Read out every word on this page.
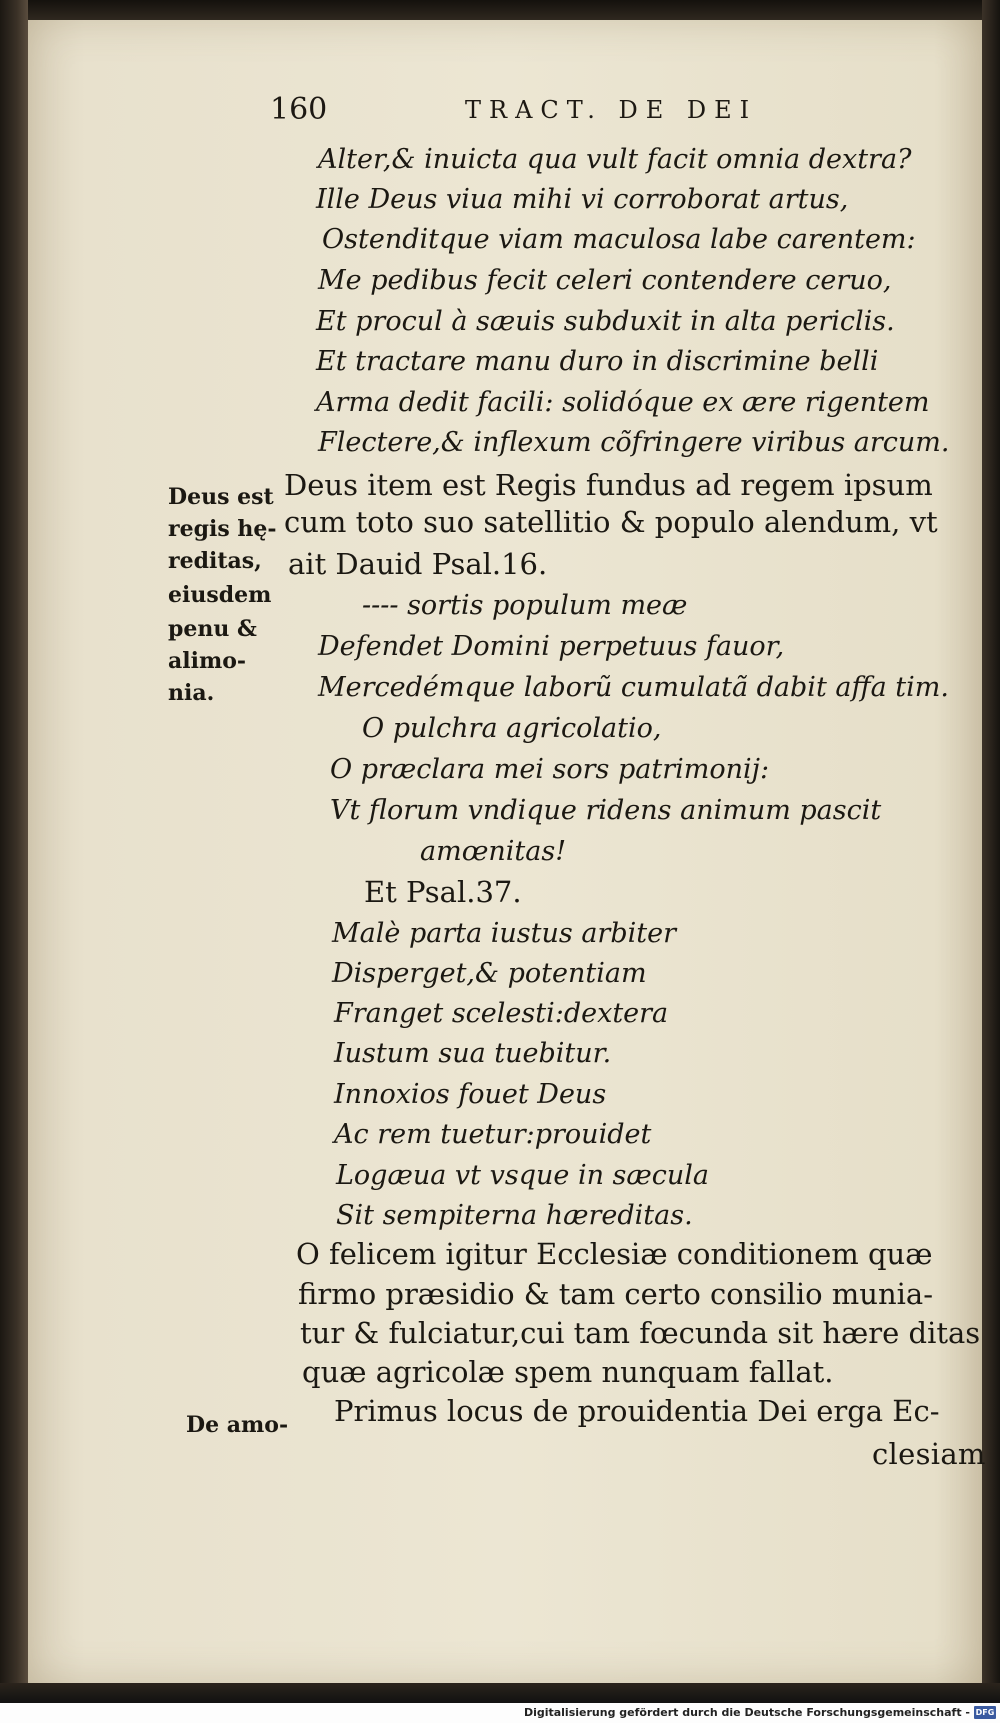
160	TRACT. DE DEI
Alter,& inuicta qua vult facit omnia dextra?
Ille Deus viua mihi vi corroborat artus,
Ostenditque viam maculosa labe carentem:
Me pedibus fecit celeri contendere ceruo,
Et procul à sæuis subduxit in alta periclis.
Et tractare manu duro in discrimine belli
Arma dedit facili: solidóque ex ære rigentem
Flectere,& inflexum cõfringere viribus arcum.
Deus est
regis hę-
reditas,
eiusdem
penu &
alimo-
nia.
Deus item est Regis fundus ad regem ipsum
cum toto suo satellitio & populo alendum, vt
ait Dauid Psal.16.
---- sortis populum meæ
Defendet Domini perpetuus fauor,
Mercedémque laborũ cumulatã dabit affa tim.
O pulchra agricolatio,
O præclara mei sors patrimonij:
Vt florum vndique ridens animum pascit
amœnitas!
Et Psal.37.
Malè parta iustus arbiter
Disperget,& potentiam
Franget scelesti:dextera
Iustum sua tuebitur.
Innoxios fouet Deus
Ac rem tuetur:prouidet
Logæua vt vsque in sæcula
Sit sempiterna hæreditas.
O felicem igitur Ecclesiæ conditionem quæ
firmo præsidio & tam certo consilio munia-
tur & fulciatur,cui tam fœcunda sit hære ditas
quæ agricolæ spem nunquam fallat.
De amo- Primus locus de prouidentia Dei erga Ec-
clesiam
Digitalisierung gefördert durch die Deutsche Forschungsgemeinschaft - DFG
